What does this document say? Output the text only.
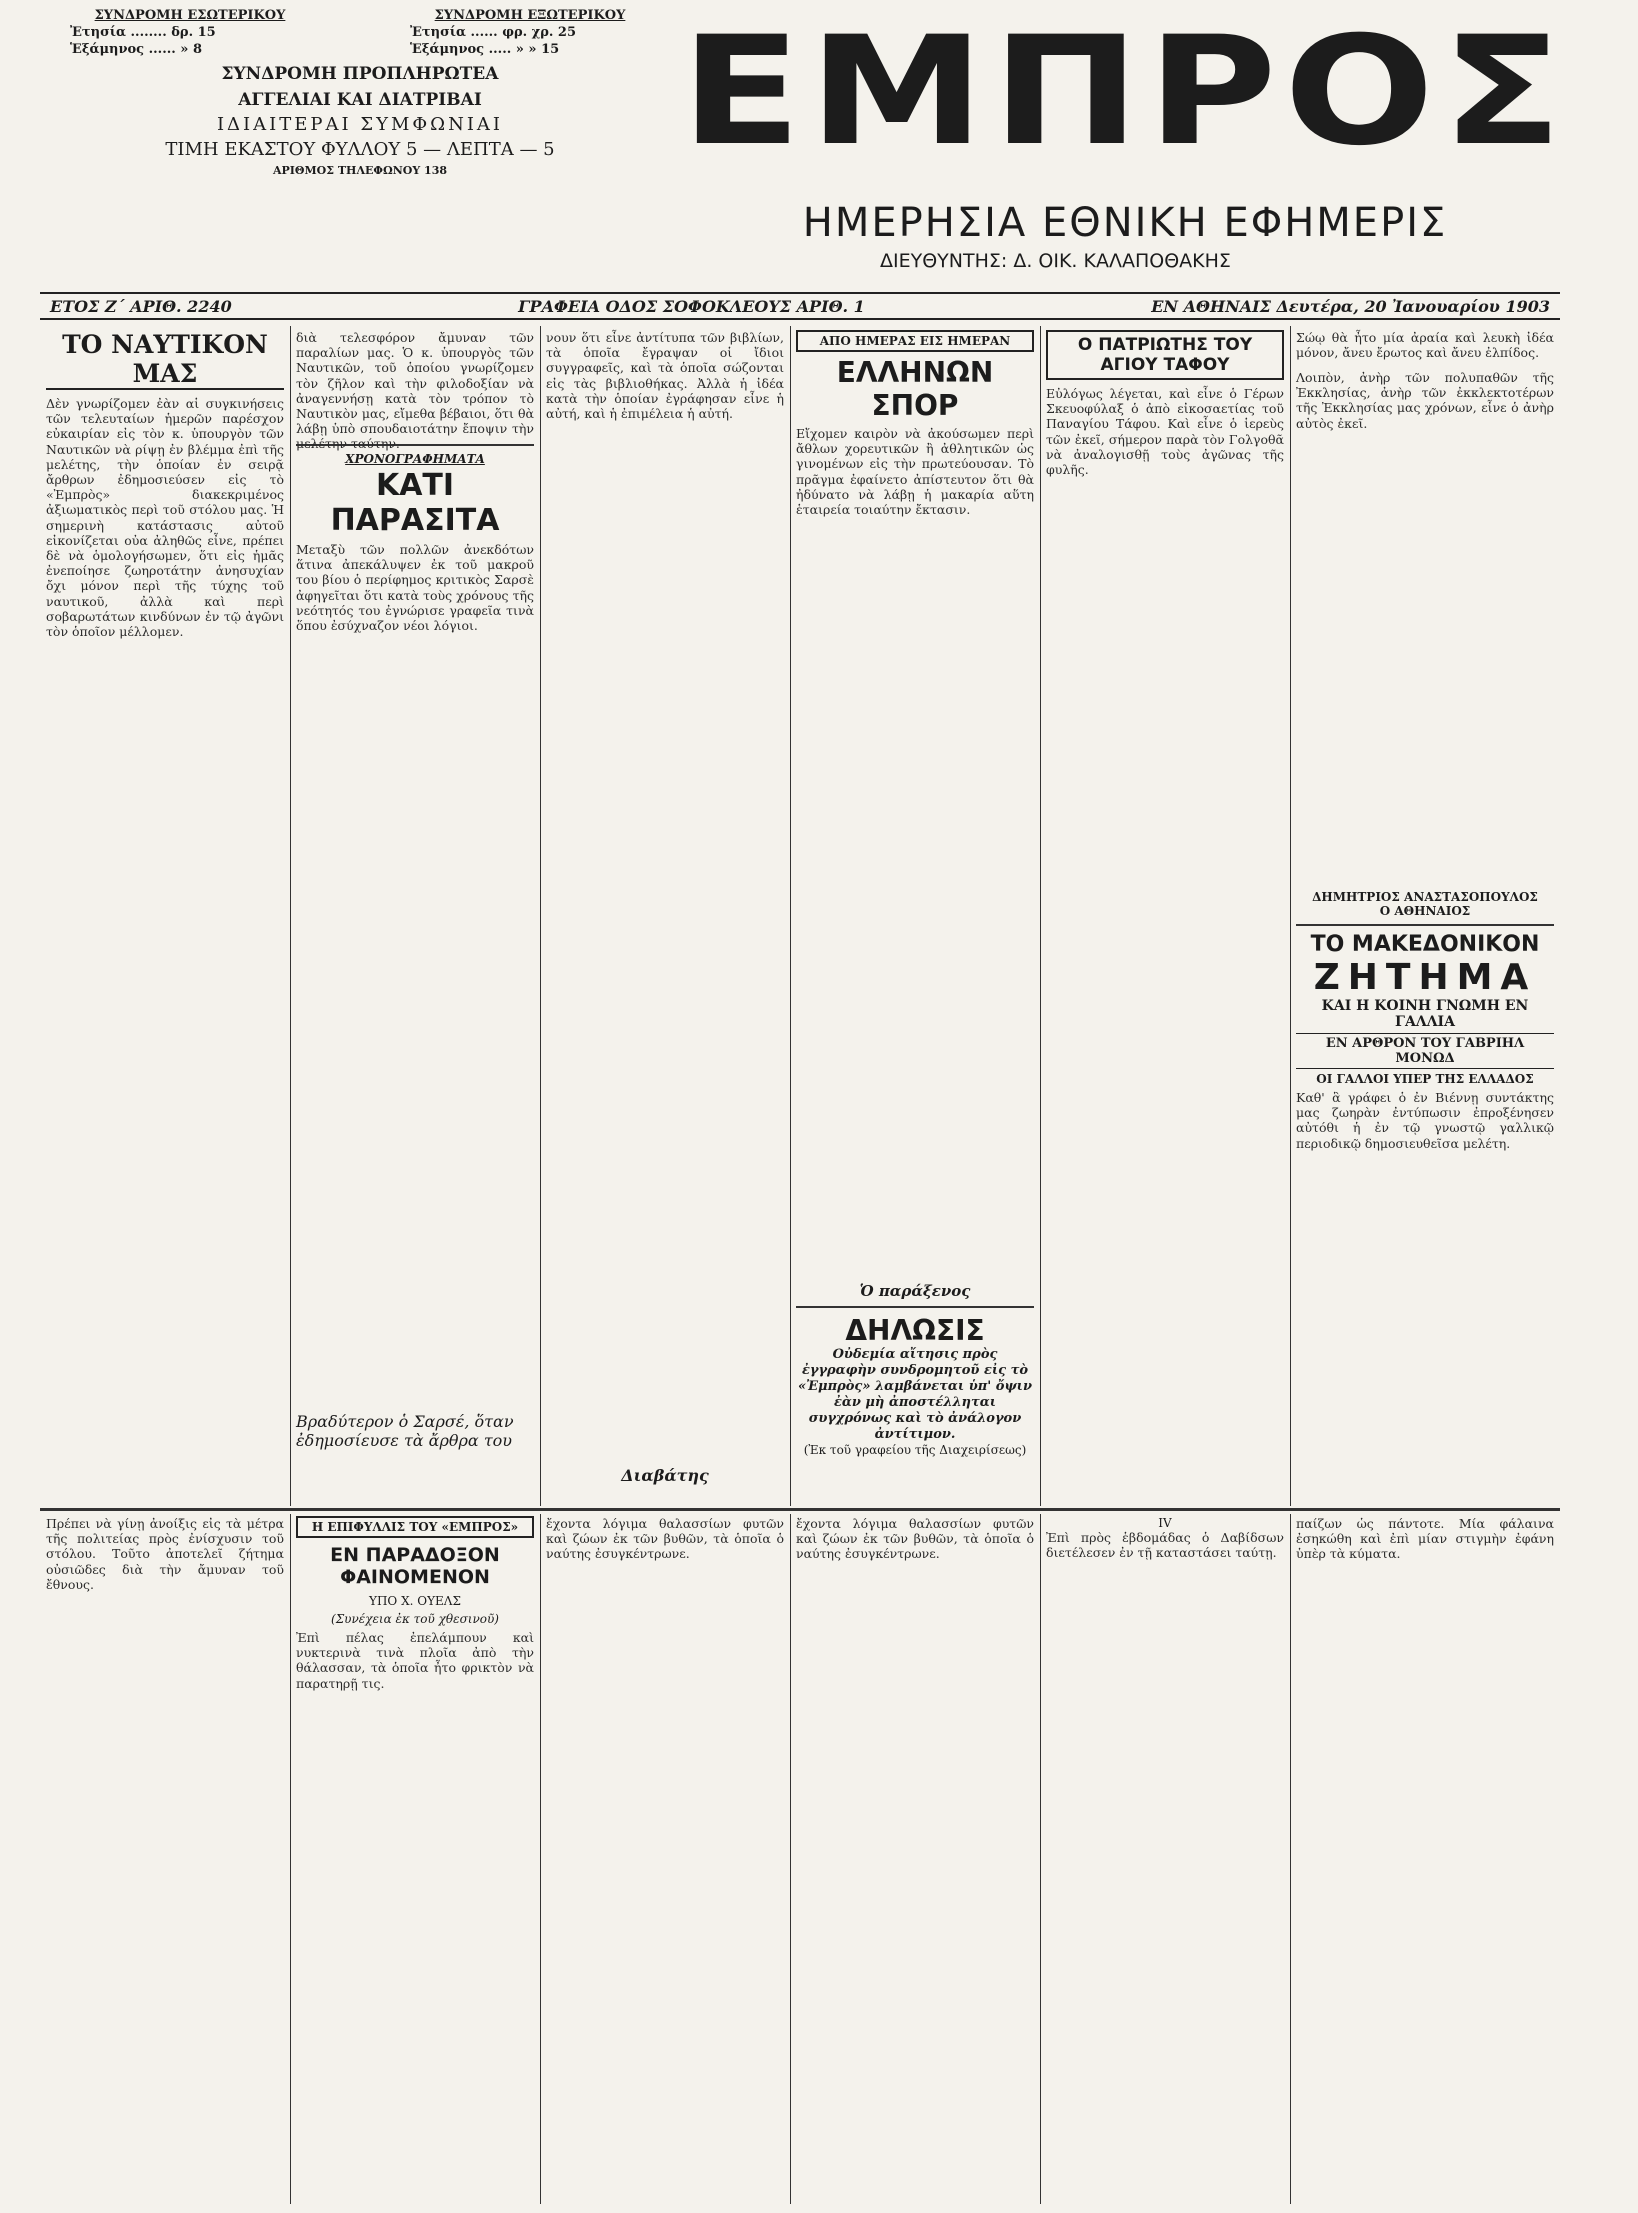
ΣΥΝΔΡΟΜΗ ΕΣΩΤΕΡΙΚΟΥ
Ἐτησία ........ δρ. 15
Ἑξάμηνος ...... » 8
ΣΥΝΔΡΟΜΗ ΕΞΩΤΕΡΙΚΟΥ
Ἐτησία ...... φρ. χρ. 25
Ἑξάμηνος ..... » » 15
ΣΥΝΔΡΟΜΗ ΠΡΟΠΛΗΡΩΤΕΑ
ΑΓΓΕΛΙΑΙ ΚΑΙ ΔΙΑΤΡΙΒΑΙ
ΙΔΙΑΙΤΕΡΑΙ ΣΥΜΦΩΝΙΑΙ
ΤΙΜΗ ΕΚΑΣΤΟΥ ΦΥΛΛΟΥ 5 — ΛΕΠΤΑ — 5
ΑΡΙΘΜΟΣ ΤΗΛΕΦΩΝΟΥ 138	ΕΜΠΡΟΣ
ΗΜΕΡΗΣΙΑ ΕΘΝΙΚΗ ΕΦΗΜΕΡΙΣ
ΔΙΕΥΘΥΝΤΗΣ: Δ. ΟΙΚ. ΚΑΛΑΠΟΘΑΚΗΣ
ΕΤΟΣ Ζ΄ ΑΡΙΘ. 2240	ΓΡΑΦΕΙΑ ΟΔΟΣ ΣΟΦΟΚΛΕΟΥΣ ΑΡΙΘ. 1	ΕΝ ΑΘΗΝΑΙΣ Δευτέρα, 20 Ἰανουαρίου 1903
ΤΟ ΝΑΥΤΙΚΟΝ ΜΑΣ
Δὲν γνωρίζομεν ἐὰν αἱ συγκινήσεις τῶν τελευταίων ἡμερῶν παρέσχον εὐκαιρίαν εἰς τὸν κ. ὑπουργὸν τῶν Ναυτικῶν νὰ ρίψῃ ἐν βλέμμα ἐπὶ τῆς μελέτης, τὴν ὁποίαν ἐν σειρᾷ ἄρθρων ἐδημοσιεύσεν εἰς τὸ «Ἐμπρὸς» διακεκριμένος ἀξιωματικὸς περὶ τοῦ στόλου μας. Ἡ σημερινὴ κατάστασις αὐτοῦ εἰκονίζεται οὐα ἀληθῶς εἶνε, πρέπει δὲ νὰ ὁμολογήσωμεν, ὅτι εἰς ἡμᾶς ἐνεποίησε ζωηροτάτην ἀνησυχίαν ὄχι μόνον περὶ τῆς τύχης τοῦ ναυτικοῦ, ἀλλὰ καὶ περὶ σοβαρωτάτων κινδύνων ἐν τῷ ἀγῶνι τὸν ὁποῖον μέλλομεν.
διὰ τελεσφόρον ἄμυναν τῶν παραλίων μας. Ὁ κ. ὑπουργὸς τῶν Ναυτικῶν, τοῦ ὁποίου γνωρίζομεν τὸν ζῆλον καὶ τὴν φιλοδοξίαν νὰ ἀναγεννήσῃ κατὰ τὸν τρόπον τὸ Ναυτικὸν μας, εἴμεθα βέβαιοι, ὅτι θὰ λάβῃ ὑπὸ σπουδαιοτάτην ἔποψιν τὴν μελέτην ταύτην.
ΧΡΟΝΟΓΡΑΦΗΜΑΤΑ
ΚΑΤΙ ΠΑΡΑΣΙΤΑ
Μεταξὺ τῶν πολλῶν ἀνεκδότων ἅτινα ἀπεκάλυψεν ἐκ τοῦ μακροῦ του βίου ὁ περίφημος κριτικὸς Σαρσὲ ἀφηγεῖται ὅτι κατὰ τοὺς χρόνους τῆς νεότητός του ἐγνώρισε γραφεῖα τινὰ ὅπου ἐσύχναζον νέοι λόγιοι.
Βραδύτερον ὁ Σαρσέ, ὅταν ἐδημοσίευσε τὰ ἄρθρα του
νουν ὅτι εἶνε ἀντίτυπα τῶν βιβλίων, τὰ ὁποῖα ἔγραψαν οἱ ἴδιοι συγγραφεῖς, καὶ τὰ ὁποῖα σώζονται εἰς τὰς βιβλιοθήκας. Ἀλλὰ ἡ ἰδέα κατὰ τὴν ὁποίαν ἐγράφησαν εἶνε ἡ αὐτή, καὶ ἡ ἐπιμέλεια ἡ αὐτή.
Διαβάτης
ΑΠΟ ΗΜΕΡΑΣ ΕΙΣ ΗΜΕΡΑΝ
ΕΛΛΗΝΩΝ ΣΠΟΡ
Εἴχομεν καιρὸν νὰ ἀκούσωμεν περὶ ἄθλων χορευτικῶν ἢ ἀθλητικῶν ὡς γινομένων εἰς τὴν πρωτεύουσαν. Τὸ πρᾶγμα ἐφαίνετο ἀπίστευτον ὅτι θὰ ἠδύνατο νὰ λάβῃ ἡ μακαρία αὕτη ἑταιρεία τοιαύτην ἔκτασιν.
Ὁ παράξενος
ΔΗΛΩΣΙΣ
Οὐδεμία αἴτησις πρὸς ἐγγραφὴν συνδρομητοῦ εἰς τὸ «Ἐμπρὸς» λαμβάνεται ὑπ' ὄψιν ἐὰν μὴ ἀποστέλληται συγχρόνως καὶ τὸ ἀνάλογον ἀντίτιμον.
(Ἐκ τοῦ γραφείου τῆς Διαχειρίσεως)
Ο ΠΑΤΡΙΩΤΗΣ ΤΟΥ ΑΓΙΟΥ ΤΑΦΟΥ
Εὐλόγως λέγεται, καὶ εἶνε ὁ Γέρων Σκευοφύλαξ ὁ ἀπὸ εἰκοσαετίας τοῦ Παναγίου Τάφου. Καὶ εἶνε ὁ ἱερεὺς τῶν ἐκεῖ, σήμερον παρὰ τὸν Γολγοθᾶ νὰ ἀναλογισθῇ τοὺς ἀγῶνας τῆς φυλῆς.
Σώῳ θὰ ἦτο μία ἀραία καὶ λευκὴ ἰδέα μόνον, ἄνευ ἔρωτος καὶ ἄνευ ἐλπίδος.
Λοιπὸν, ἀνὴρ τῶν πολυπαθῶν τῆς Ἐκκλησίας, ἀνὴρ τῶν ἐκκλεκτοτέρων τῆς Ἐκκλησίας μας χρόνων, εἶνε ὁ ἀνὴρ αὐτὸς ἐκεῖ.
ΔΗΜΗΤΡΙΟΣ ΑΝΑΣΤΑΣΟΠΟΥΛΟΣ
Ο ΑΘΗΝΑΙΟΣ
ΤΟ ΜΑΚΕΔΟΝΙΚΟΝ
ΖΗΤΗΜΑ
ΚΑΙ Η ΚΟΙΝΗ ΓΝΩΜΗ ΕΝ ΓΑΛΛΙΑ
ΕΝ ΑΡΘΡΟΝ ΤΟΥ ΓΑΒΡΙΗΛ ΜΟΝΩΔ
ΟΙ ΓΑΛΛΟΙ ΥΠΕΡ ΤΗΣ ΕΛΛΑΔΟΣ
Καθ' ἃ γράφει ὁ ἐν Βιέννῃ συντάκτης μας ζωηρὰν ἐντύπωσιν ἐπροξένησεν αὐτόθι ἡ ἐν τῷ γνωστῷ γαλλικῷ περιοδικῷ δημοσιευθεῖσα μελέτη.
Πρέπει νὰ γίνῃ ἀνοίξις εἰς τὰ μέτρα τῆς πολιτείας πρὸς ἐνίσχυσιν τοῦ στόλου. Τοῦτο ἀποτελεῖ ζήτημα οὐσιῶδες διὰ τὴν ἄμυναν τοῦ ἔθνους.
Η ΕΠΙΦΥΛΛΙΣ ΤΟΥ «ΕΜΠΡΟΣ»
ΕΝ ΠΑΡΑΔΟΞΟΝ ΦΑΙΝΟΜΕΝΟΝ
ΥΠΟ Χ. ΟΥΕΛΣ
(Συνέχεια ἐκ τοῦ χθεσινοῦ)
Ἐπὶ πέλας ἐπελάμπουν καὶ νυκτερινὰ τινὰ πλοῖα ἀπὸ τὴν θάλασσαν, τὰ ὁποῖα ἦτο φρικτὸν νὰ παρατηρῇ τις.
ἔχοντα λόγιμα θαλασσίων φυτῶν καὶ ζώων ἐκ τῶν βυθῶν, τὰ ὁποῖα ὁ ναύτης ἐσυγκέντρωνε.
ἔχοντα λόγιμα θαλασσίων φυτῶν καὶ ζώων ἐκ τῶν βυθῶν, τὰ ὁποῖα ὁ ναύτης ἐσυγκέντρωνε.
IV
Ἐπὶ πρὸς ἑβδομάδας ὁ Δαβίδσων διετέλεσεν ἐν τῇ καταστάσει ταύτῃ.
παίζων ὡς πάντοτε. Μία φάλαινα ἐσηκώθη καὶ ἐπὶ μίαν στιγμὴν ἐφάνη ὑπὲρ τὰ κύματα.
